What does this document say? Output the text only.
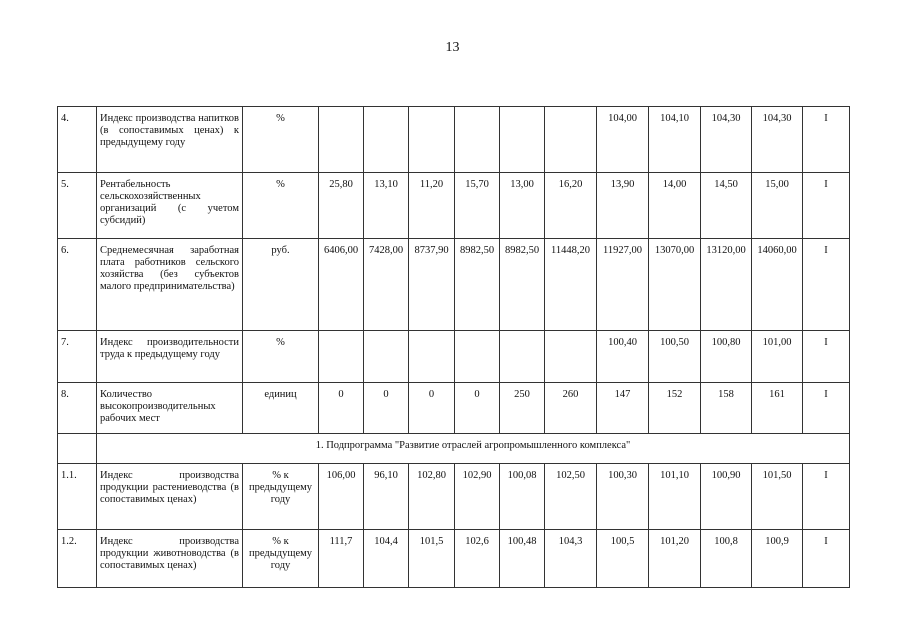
13
4.	Индекс производства напитков (в сопоставимых ценах) к предыдущему году	%							104,00	104,10	104,30	104,30	I
5.	Рентабельность сельскохозяйственных организаций (с учетом субсидий)	%	25,80	13,10	11,20	15,70	13,00	16,20	13,90	14,00	14,50	15,00	I
6.	Среднемесячная заработная плата работников сельского хозяйства (без субъектов малого предпринимательства)	руб.	6406,00	7428,00	8737,90	8982,50	8982,50	11448,20	11927,00	13070,00	13120,00	14060,00	I
7.	Индекс производительности труда к предыдущему году	%							100,40	100,50	100,80	101,00	I
8.	Количество высокопроизводительных рабочих мест	единиц	0	0	0	0	250	260	147	152	158	161	I
	1. Подпрограмма "Развитие отраслей агропромышленного комплекса"												
1.1.	Индекс производства продукции растениеводства (в сопоставимых ценах)	% к предыдущему году	106,00	96,10	102,80	102,90	100,08	102,50	100,30	101,10	100,90	101,50	I
1.2.	Индекс производства продукции животноводства (в сопоставимых ценах)	% к предыдущему году	111,7	104,4	101,5	102,6	100,48	104,3	100,5	101,20	100,8	100,9	I
